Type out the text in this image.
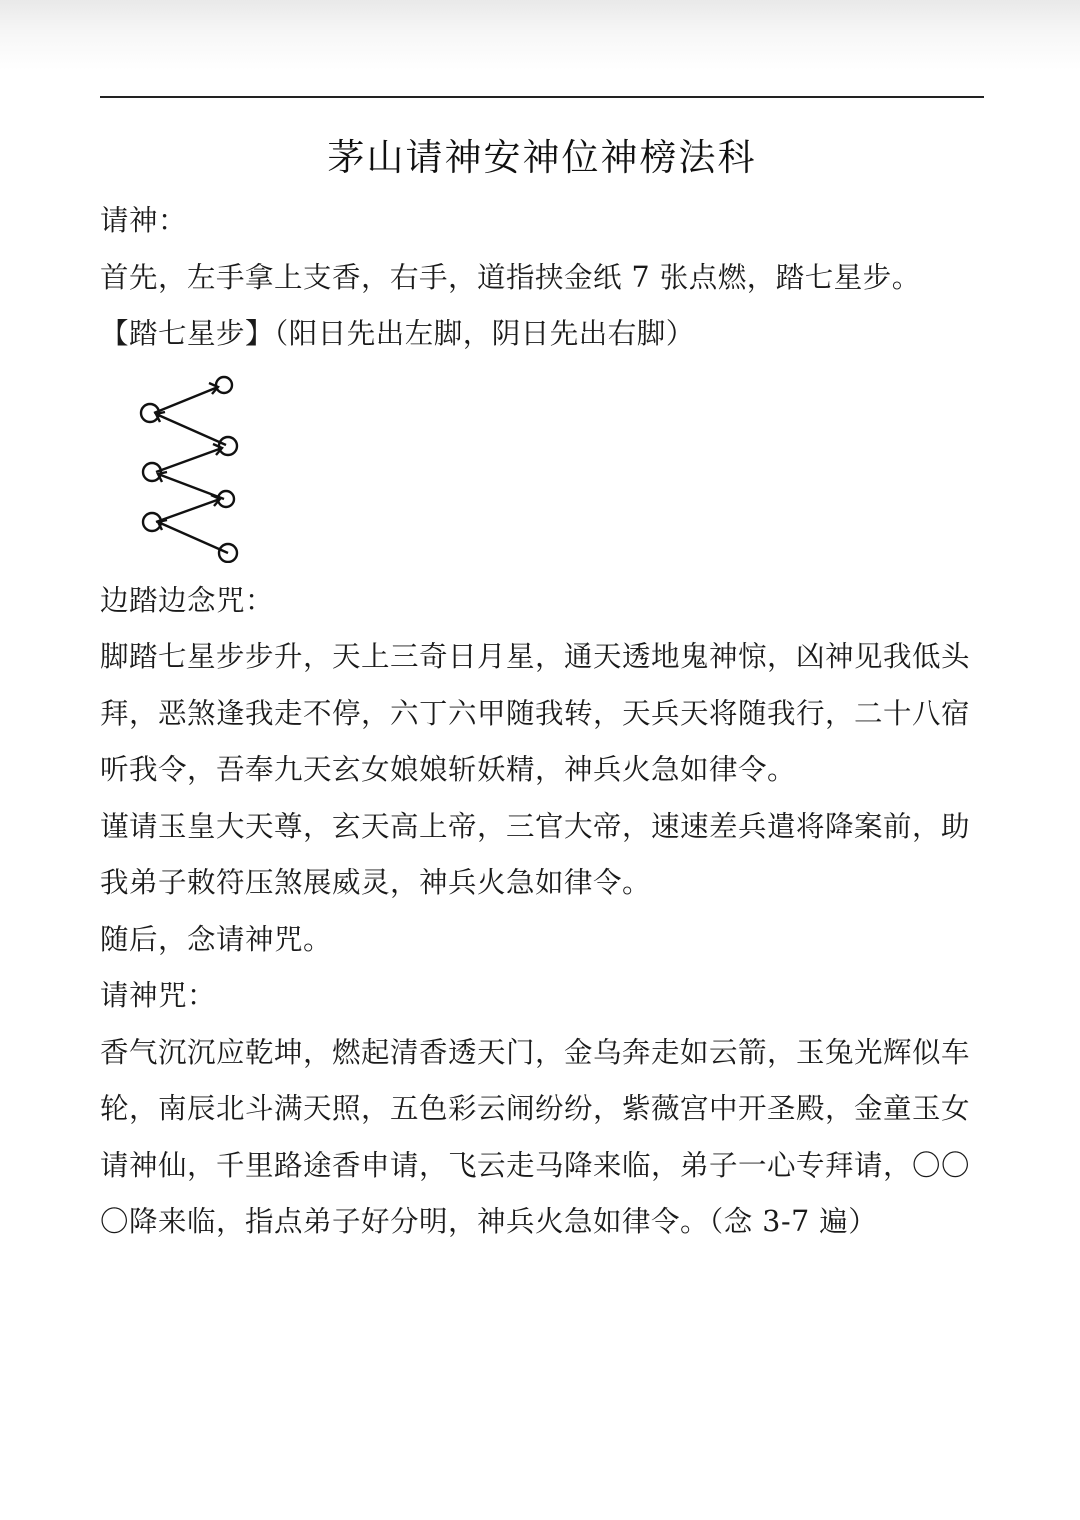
茅山请神安神位神榜法科

请神：

首先，左手拿上支香，右手，道指挟金纸 7 张点燃，踏七星步。

【踏七星步】（阳日先出左脚，阴日先出右脚）

边踏边念咒：

脚踏七星步步升，天上三奇日月星，通天透地鬼神惊，凶神见我低头拜，恶煞逢我走不停，六丁六甲随我转，天兵天将随我行，二十八宿听我令，吾奉九天玄女娘娘斩妖精，神兵火急如律令。

谨请玉皇大天尊，玄天高上帝，三官大帝，速速差兵遣将降案前，助我弟子敕符压煞展威灵，神兵火急如律令。

随后，念请神咒。

请神咒：

香气沉沉应乾坤，燃起清香透天门，金乌奔走如云箭，玉兔光辉似车轮，南辰北斗满天照，五色彩云闹纷纷，紫薇宫中开圣殿，金童玉女请神仙，千里路途香申请，飞云走马降来临，弟子一心专拜请，〇〇〇降来临，指点弟子好分明，神兵火急如律令。（念 3-7 遍）
